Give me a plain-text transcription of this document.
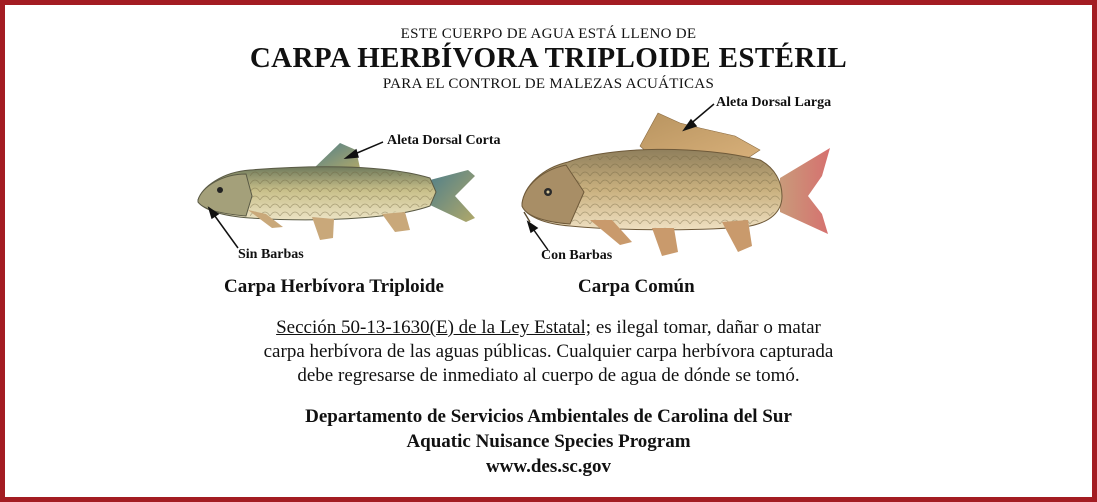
ESTE CUERPO DE AGUA ESTÁ LLENO DE
CARPA HERBÍVORA TRIPLOIDE ESTÉRIL
PARA EL CONTROL DE MALEZAS ACUÁTICAS
Aleta Dorsal Corta
Sin Barbas
Carpa Herbívora Triploide
Aleta Dorsal Larga
Con Barbas
Carpa Común
Sección 50-13-1630(E) de la Ley Estatal; es ilegal tomar, dañar o matar
carpa herbívora de las aguas públicas. Cualquier carpa herbívora capturada
debe regresarse de inmediato al cuerpo de agua de dónde se tomó.
Departamento de Servicios Ambientales de Carolina del Sur
Aquatic Nuisance Species Program
www.des.sc.gov
